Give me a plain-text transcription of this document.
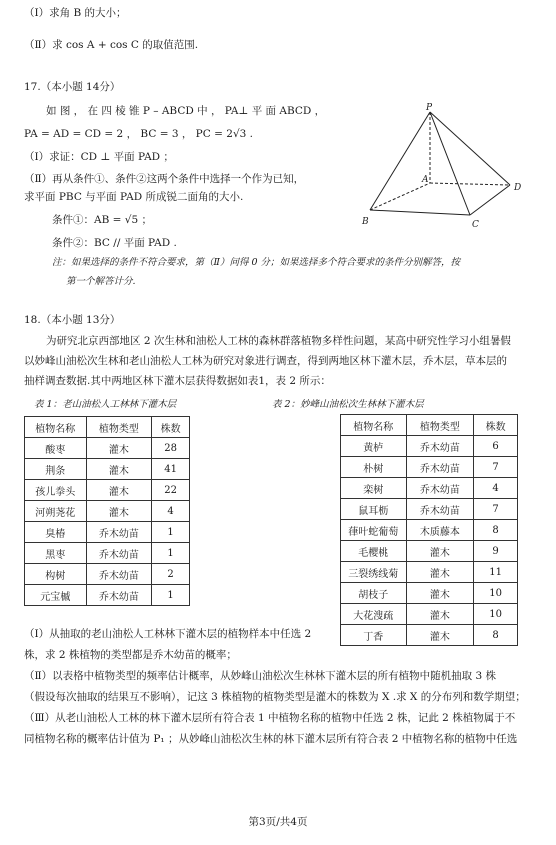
（Ⅰ）求角 B 的大小；
（Ⅱ）求 cos A + cos C 的取值范围.
17.（本小题 14分）
如 图 ， 在 四 棱 锥 P – ABCD 中 ， PA⊥ 平 面 ABCD ，
PA = AD = CD = 2 ， BC = 3 ， PC = 2√3 .
（Ⅰ）求证：CD ⊥ 平面 PAD ；
（Ⅱ）再从条件①、条件②这两个条件中选择一个作为已知，
求平面 PBC 与平面 PAD 所成锐二面角的大小.
条件①：AB = √5 ；
条件②：BC // 平面 PAD .
注：如果选择的条件不符合要求，第（Ⅱ）问得 0 分；如果选择多个符合要求的条件分别解答，按
第一个解答计分.
P
A
B	C
D
18.（本小题 13分）
为研究北京西部地区 2 次生林和油松人工林的森林群落植物多样性问题，某高中研究性学习小组暑假
以妙峰山油松次生林和老山油松人工林为研究对象进行调查，得到两地区林下灌木层，乔木层，草本层的
抽样调查数据.其中两地区林下灌木层获得数据如表1，表 2 所示：
表 1：老山油松人工林林下灌木层	表 2：妙峰山油松次生林林下灌木层
植物名称	植物类型	株数
酸枣	灌木	28
荆条	灌木	41
孩儿拳头	灌木	22
河朔荛花	灌木	4
臭椿	乔木幼苗	1
黑枣	乔木幼苗	1
构树	乔木幼苗	2
元宝槭	乔木幼苗	1
植物名称	植物类型	株数
黄栌	乔木幼苗	6
朴树	乔木幼苗	7
栾树	乔木幼苗	4
鼠耳枥	乔木幼苗	7
葎叶蛇葡萄	木质藤本	8
毛樱桃	灌木	9
三裂绣线菊	灌木	11
胡枝子	灌木	10
大花溲疏	灌木	10
丁香	灌木	8
（Ⅰ）从抽取的老山油松人工林林下灌木层的植物样本中任选 2
株，求 2 株植物的类型都是乔木幼苗的概率；
（Ⅱ）以表格中植物类型的频率估计概率，从妙峰山油松次生林林下灌木层的所有植物中随机抽取 3 株
（假设每次抽取的结果互不影响），记这 3 株植物的植物类型是灌木的株数为 X .求 X 的分布列和数学期望；
（Ⅲ）从老山油松人工林的林下灌木层所有符合表 1 中植物名称的植物中任选 2 株，记此 2 株植物属于不
同植物名称的概率估计值为 P₁ ；从妙峰山油松次生林的林下灌木层所有符合表 2 中植物名称的植物中任选
第3页/共4页
